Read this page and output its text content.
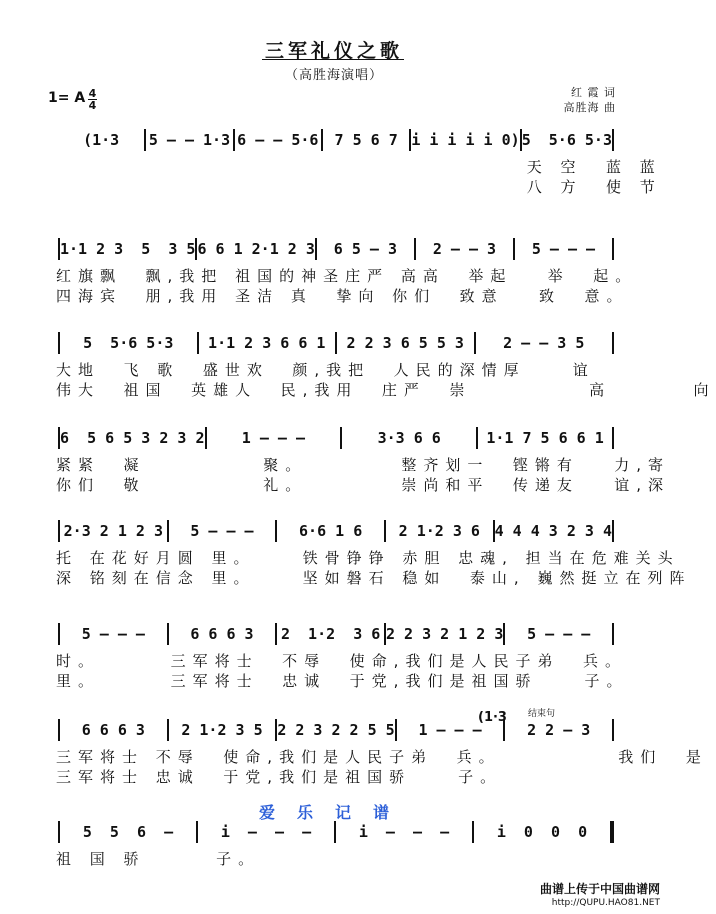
三军礼仪之歌
（高胜海演唱）
1= A 4
4
红 霞 词
高胜海 曲
(1·3	5 — — 1·3 6 — — 5·6	7 5 6 7 i i i i i 0) 5  5·6 5·3
天 空  蓝 蓝
八 方  使 节
1·1 2 3  5  3 5 6 6 1 2·1 2 3	6 5 — 3	2 — — 3	5 — — —
红旗飘  飘,我把 祖国的神圣庄严 高高  举起   举  起。
四海宾  朋,我用 圣洁 真  挚向 你们  致意   致  意。
5  5·6 5·3	1·1 2 3 6 6 1	2 2 3 6 5 5 3	2 — — 3 5
大地  飞 歌  盛世欢  颜,我把  人民的深情厚    谊
伟大  祖国  英雄人  民,我用  庄严  崇          高       向
6  5 6 5 3 2 3 2	1 — — —	3·3 6 6	1·1 7 5 6 6 1
紧紧  凝          聚。        整齐划一  铿锵有   力,寄
你们  敬          礼。        崇尚和平  传递友   谊,深
2·3 2 1 2 3	5 — — —	6·6 1 6	2 1·2 3 6 4 4 4 3 2 3 4
托 在花好月圆 里。    铁骨铮铮 赤胆 忠魂, 担当在危难关头
深 铭刻在信念 里。    坚如磐石 稳如  泰山, 巍然挺立在列阵
5 — — —	6 6 6 3	2  1·2  3 6 2 2 3 2 1 2 3	5 — — —
时。      三军将士  不辱  使命,我们是人民子弟  兵。
里。      三军将士  忠诚  于党,我们是祖国骄    子。
6 6 6 3	2 1·2 3 5 2 2 3 2 2 5 5	1 — — —	2 2 — 3
三军将士 不辱  使命,我们是人民子弟  兵。          我们  是
三军将士 忠诚  于党,我们是祖国骄    子。
(1·3
5  5  6  —	i  —  —  —	i  —  —  —	i  0  0  0
祖 国 骄      子。
结束句
爱乐记谱
曲谱上传于中国曲谱网
http://QUPU.HAO81.NET
